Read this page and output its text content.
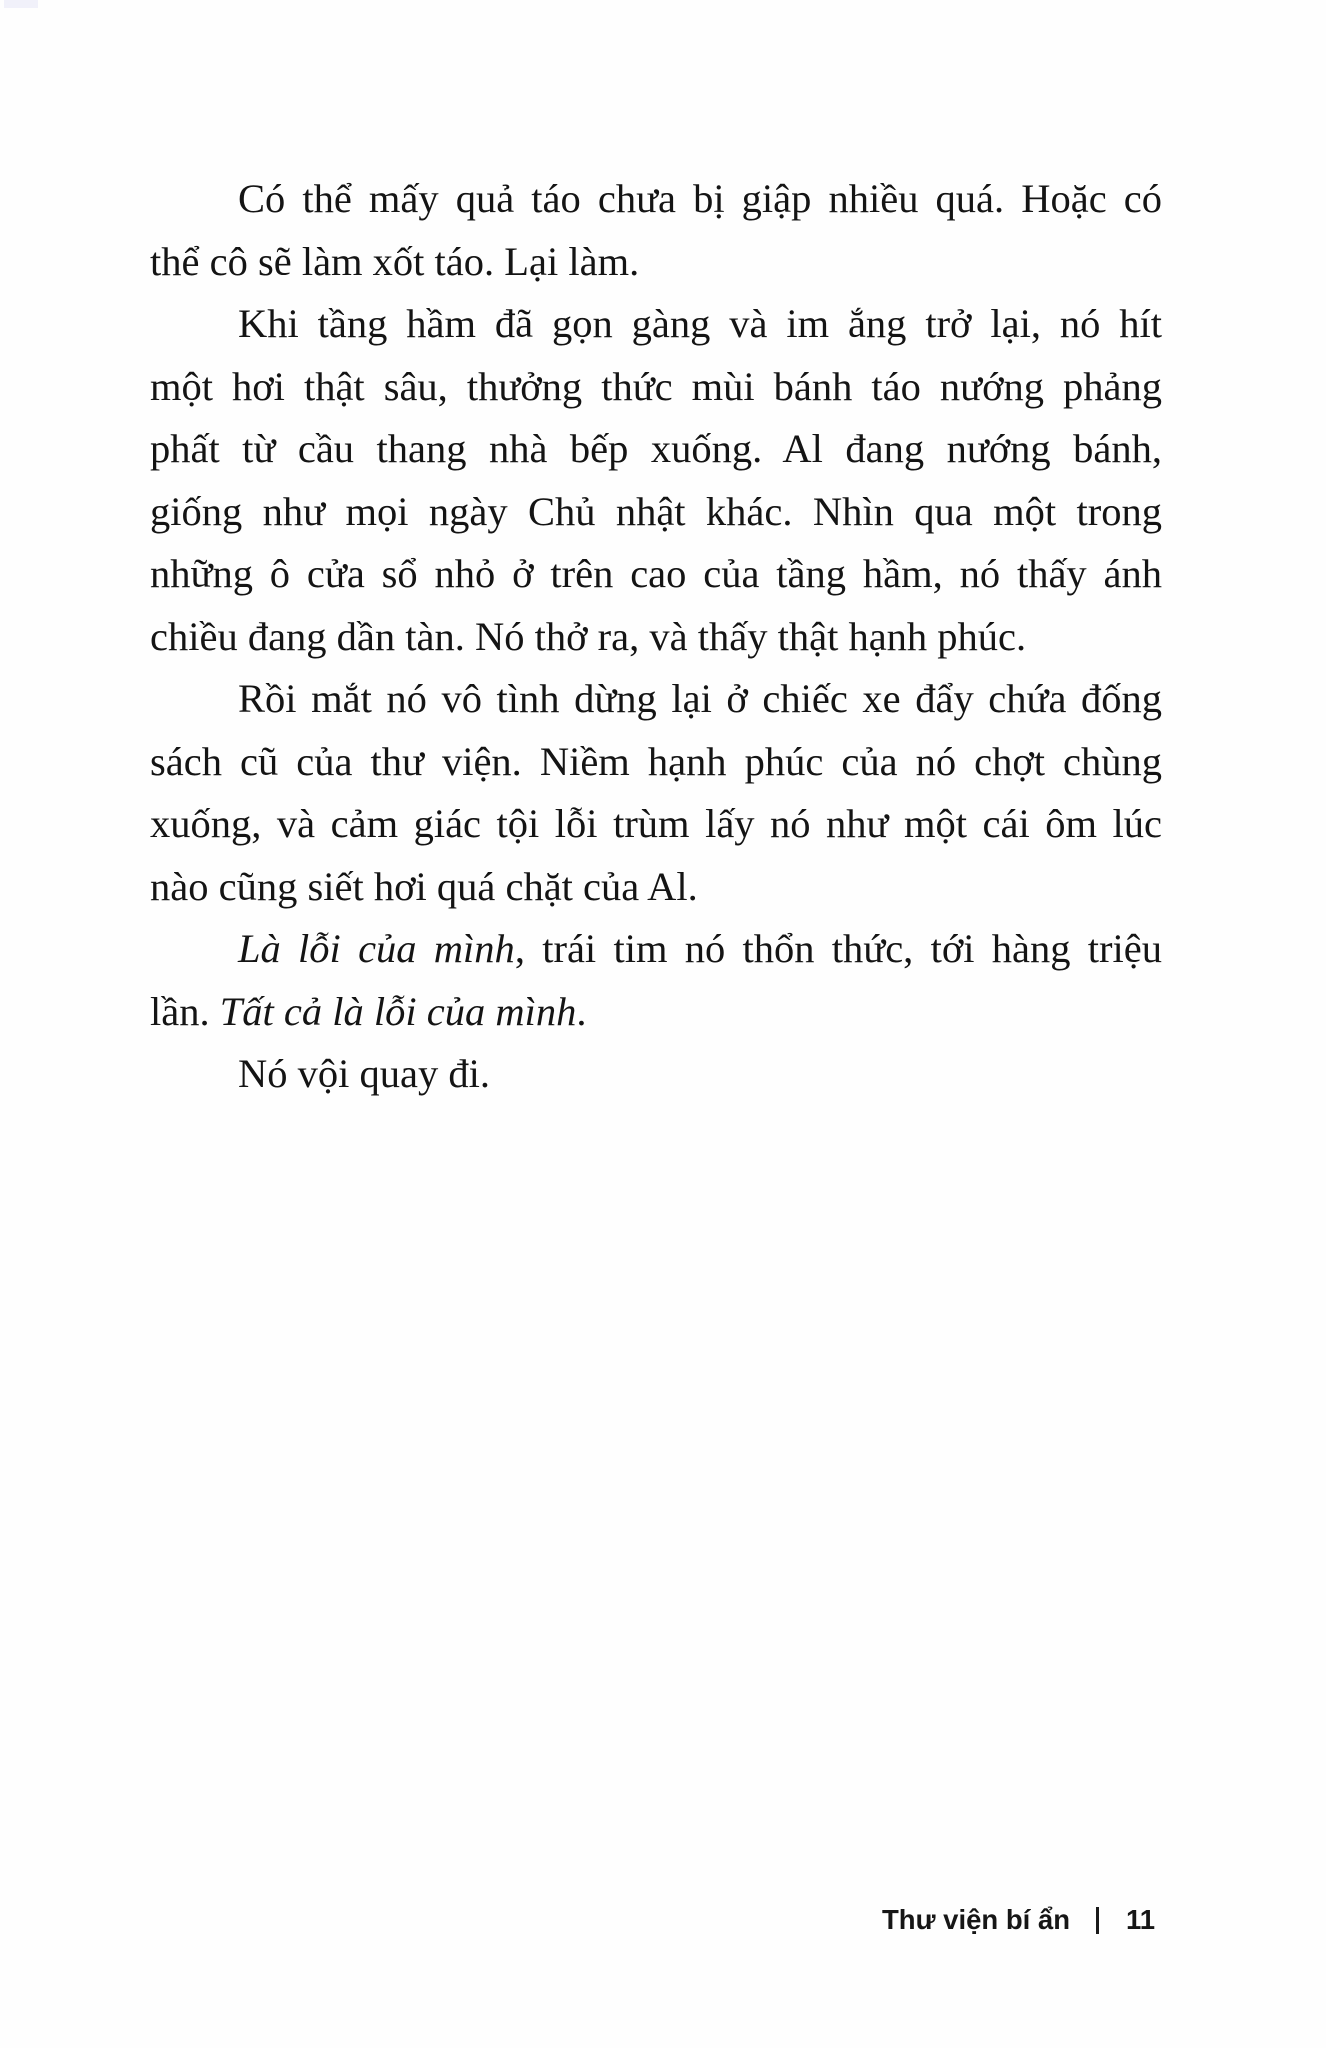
Có thể mấy quả táo chưa bị giập nhiều quá. Hoặc có
thể cô sẽ làm xốt táo. Lại làm.
Khi tầng hầm đã gọn gàng và im ắng trở lại, nó hít
một hơi thật sâu, thưởng thức mùi bánh táo nướng phảng
phất từ cầu thang nhà bếp xuống. Al đang nướng bánh,
giống như mọi ngày Chủ nhật khác. Nhìn qua một trong
những ô cửa sổ nhỏ ở trên cao của tầng hầm, nó thấy ánh
chiều đang dần tàn. Nó thở ra, và thấy thật hạnh phúc.
Rồi mắt nó vô tình dừng lại ở chiếc xe đẩy chứa đống
sách cũ của thư viện. Niềm hạnh phúc của nó chợt chùng
xuống, và cảm giác tội lỗi trùm lấy nó như một cái ôm lúc
nào cũng siết hơi quá chặt của Al.
Là lỗi của mình, trái tim nó thổn thức, tới hàng triệu
lần. Tất cả là lỗi của mình.
Nó vội quay đi.
Thư viện bí ẩn 11
